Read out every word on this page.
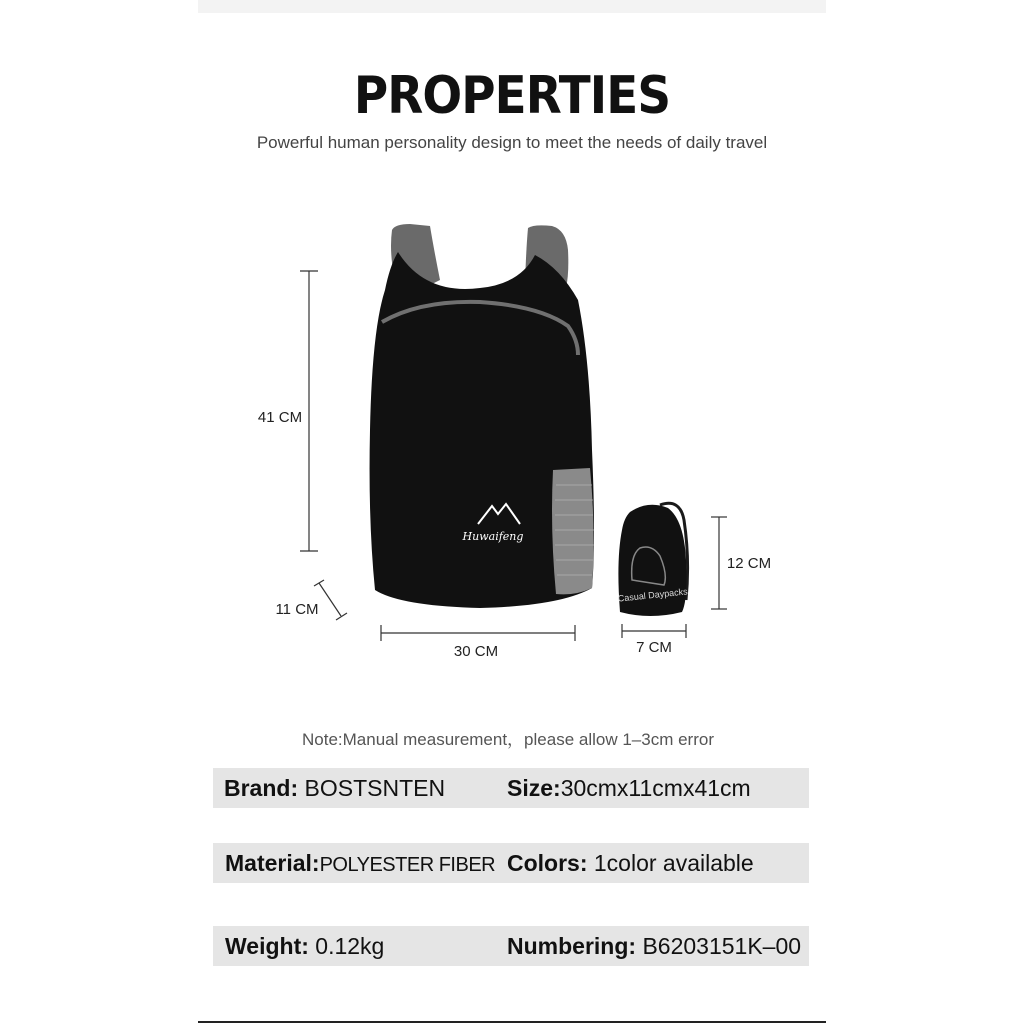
PROPERTIES
Powerful human personality design to meet the needs of daily travel
Huwaifeng
Casual Daypacks
41 CM
11 CM
30 CM
12 CM
7 CM
Note:Manual measurement，please allow 1–3cm error
Brand: BOSTSNTEN	Size:30cmx11cmx41cm
Material:POLYESTER FIBER Colors: 1color available
Weight: 0.12kg	Numbering: B6203151K–00
